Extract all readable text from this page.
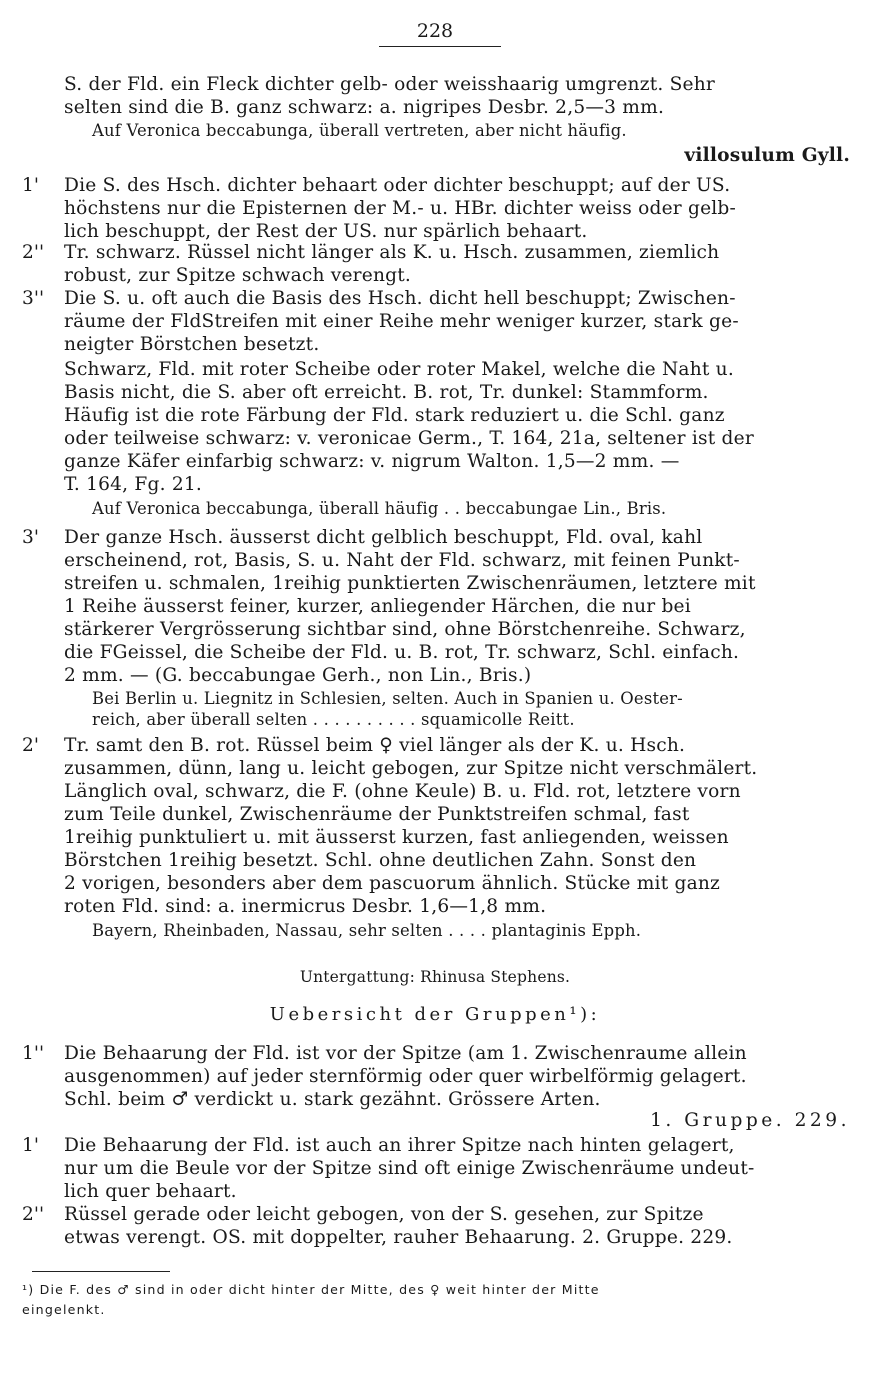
228
1'
2''
3''
3'
2'
1''
1'
2''
S. der Fld. ein Fleck dichter gelb- oder weisshaarig umgrenzt. Sehr
selten sind die B. ganz schwarz: a. nigripes Desbr. 2,5—3 mm.
Auf Veronica beccabunga, überall vertreten, aber nicht häufig.
villosulum Gyll.
Die S. des Hsch. dichter behaart oder dichter beschuppt; auf der US.
höchstens nur die Episternen der M.- u. HBr. dichter weiss oder gelb-
lich beschuppt, der Rest der US. nur spärlich behaart.
Tr. schwarz. Rüssel nicht länger als K. u. Hsch. zusammen, ziemlich
robust, zur Spitze schwach verengt.
Die S. u. oft auch die Basis des Hsch. dicht hell beschuppt; Zwischen-
räume der FldStreifen mit einer Reihe mehr weniger kurzer, stark ge-
neigter Börstchen besetzt.
Schwarz, Fld. mit roter Scheibe oder roter Makel, welche die Naht u.
Basis nicht, die S. aber oft erreicht. B. rot, Tr. dunkel: Stammform.
Häufig ist die rote Färbung der Fld. stark reduziert u. die Schl. ganz
oder teilweise schwarz: v. veronicae Germ., T. 164, 21a, seltener ist der
ganze Käfer einfarbig schwarz: v. nigrum Walton. 1,5—2 mm. —
T. 164, Fg. 21.
Auf Veronica beccabunga, überall häufig . . beccabungae Lin., Bris.
Der ganze Hsch. äusserst dicht gelblich beschuppt, Fld. oval, kahl
erscheinend, rot, Basis, S. u. Naht der Fld. schwarz, mit feinen Punkt-
streifen u. schmalen, 1reihig punktierten Zwischenräumen, letztere mit
1 Reihe äusserst feiner, kurzer, anliegender Härchen, die nur bei
stärkerer Vergrösserung sichtbar sind, ohne Börstchenreihe. Schwarz,
die FGeissel, die Scheibe der Fld. u. B. rot, Tr. schwarz, Schl. einfach.
2 mm. — (G. beccabungae Gerh., non Lin., Bris.)
Bei Berlin u. Liegnitz in Schlesien, selten. Auch in Spanien u. Oester-
reich, aber überall selten . . . . . . . . . . squamicolle Reitt.
Tr. samt den B. rot. Rüssel beim ♀ viel länger als der K. u. Hsch.
zusammen, dünn, lang u. leicht gebogen, zur Spitze nicht verschmälert.
Länglich oval, schwarz, die F. (ohne Keule) B. u. Fld. rot, letztere vorn
zum Teile dunkel, Zwischenräume der Punktstreifen schmal, fast
1reihig punktuliert u. mit äusserst kurzen, fast anliegenden, weissen
Börstchen 1reihig besetzt. Schl. ohne deutlichen Zahn. Sonst den
2 vorigen, besonders aber dem pascuorum ähnlich. Stücke mit ganz
roten Fld. sind: a. inermicrus Desbr. 1,6—1,8 mm.
Bayern, Rheinbaden, Nassau, sehr selten . . . . plantaginis Epph.
Untergattung: Rhinusa Stephens.
Uebersicht der Gruppen¹):
Die Behaarung der Fld. ist vor der Spitze (am 1. Zwischenraume allein
ausgenommen) auf jeder sternförmig oder quer wirbelförmig gelagert.
Schl. beim ♂ verdickt u. stark gezähnt. Grössere Arten.
1. Gruppe. 229.
Die Behaarung der Fld. ist auch an ihrer Spitze nach hinten gelagert,
nur um die Beule vor der Spitze sind oft einige Zwischenräume undeut-
lich quer behaart.
Rüssel gerade oder leicht gebogen, von der S. gesehen, zur Spitze
etwas verengt. OS. mit doppelter, rauher Behaarung. 2. Gruppe. 229.
¹) Die F. des ♂ sind in oder dicht hinter der Mitte, des ♀ weit hinter der Mitte
eingelenkt.
